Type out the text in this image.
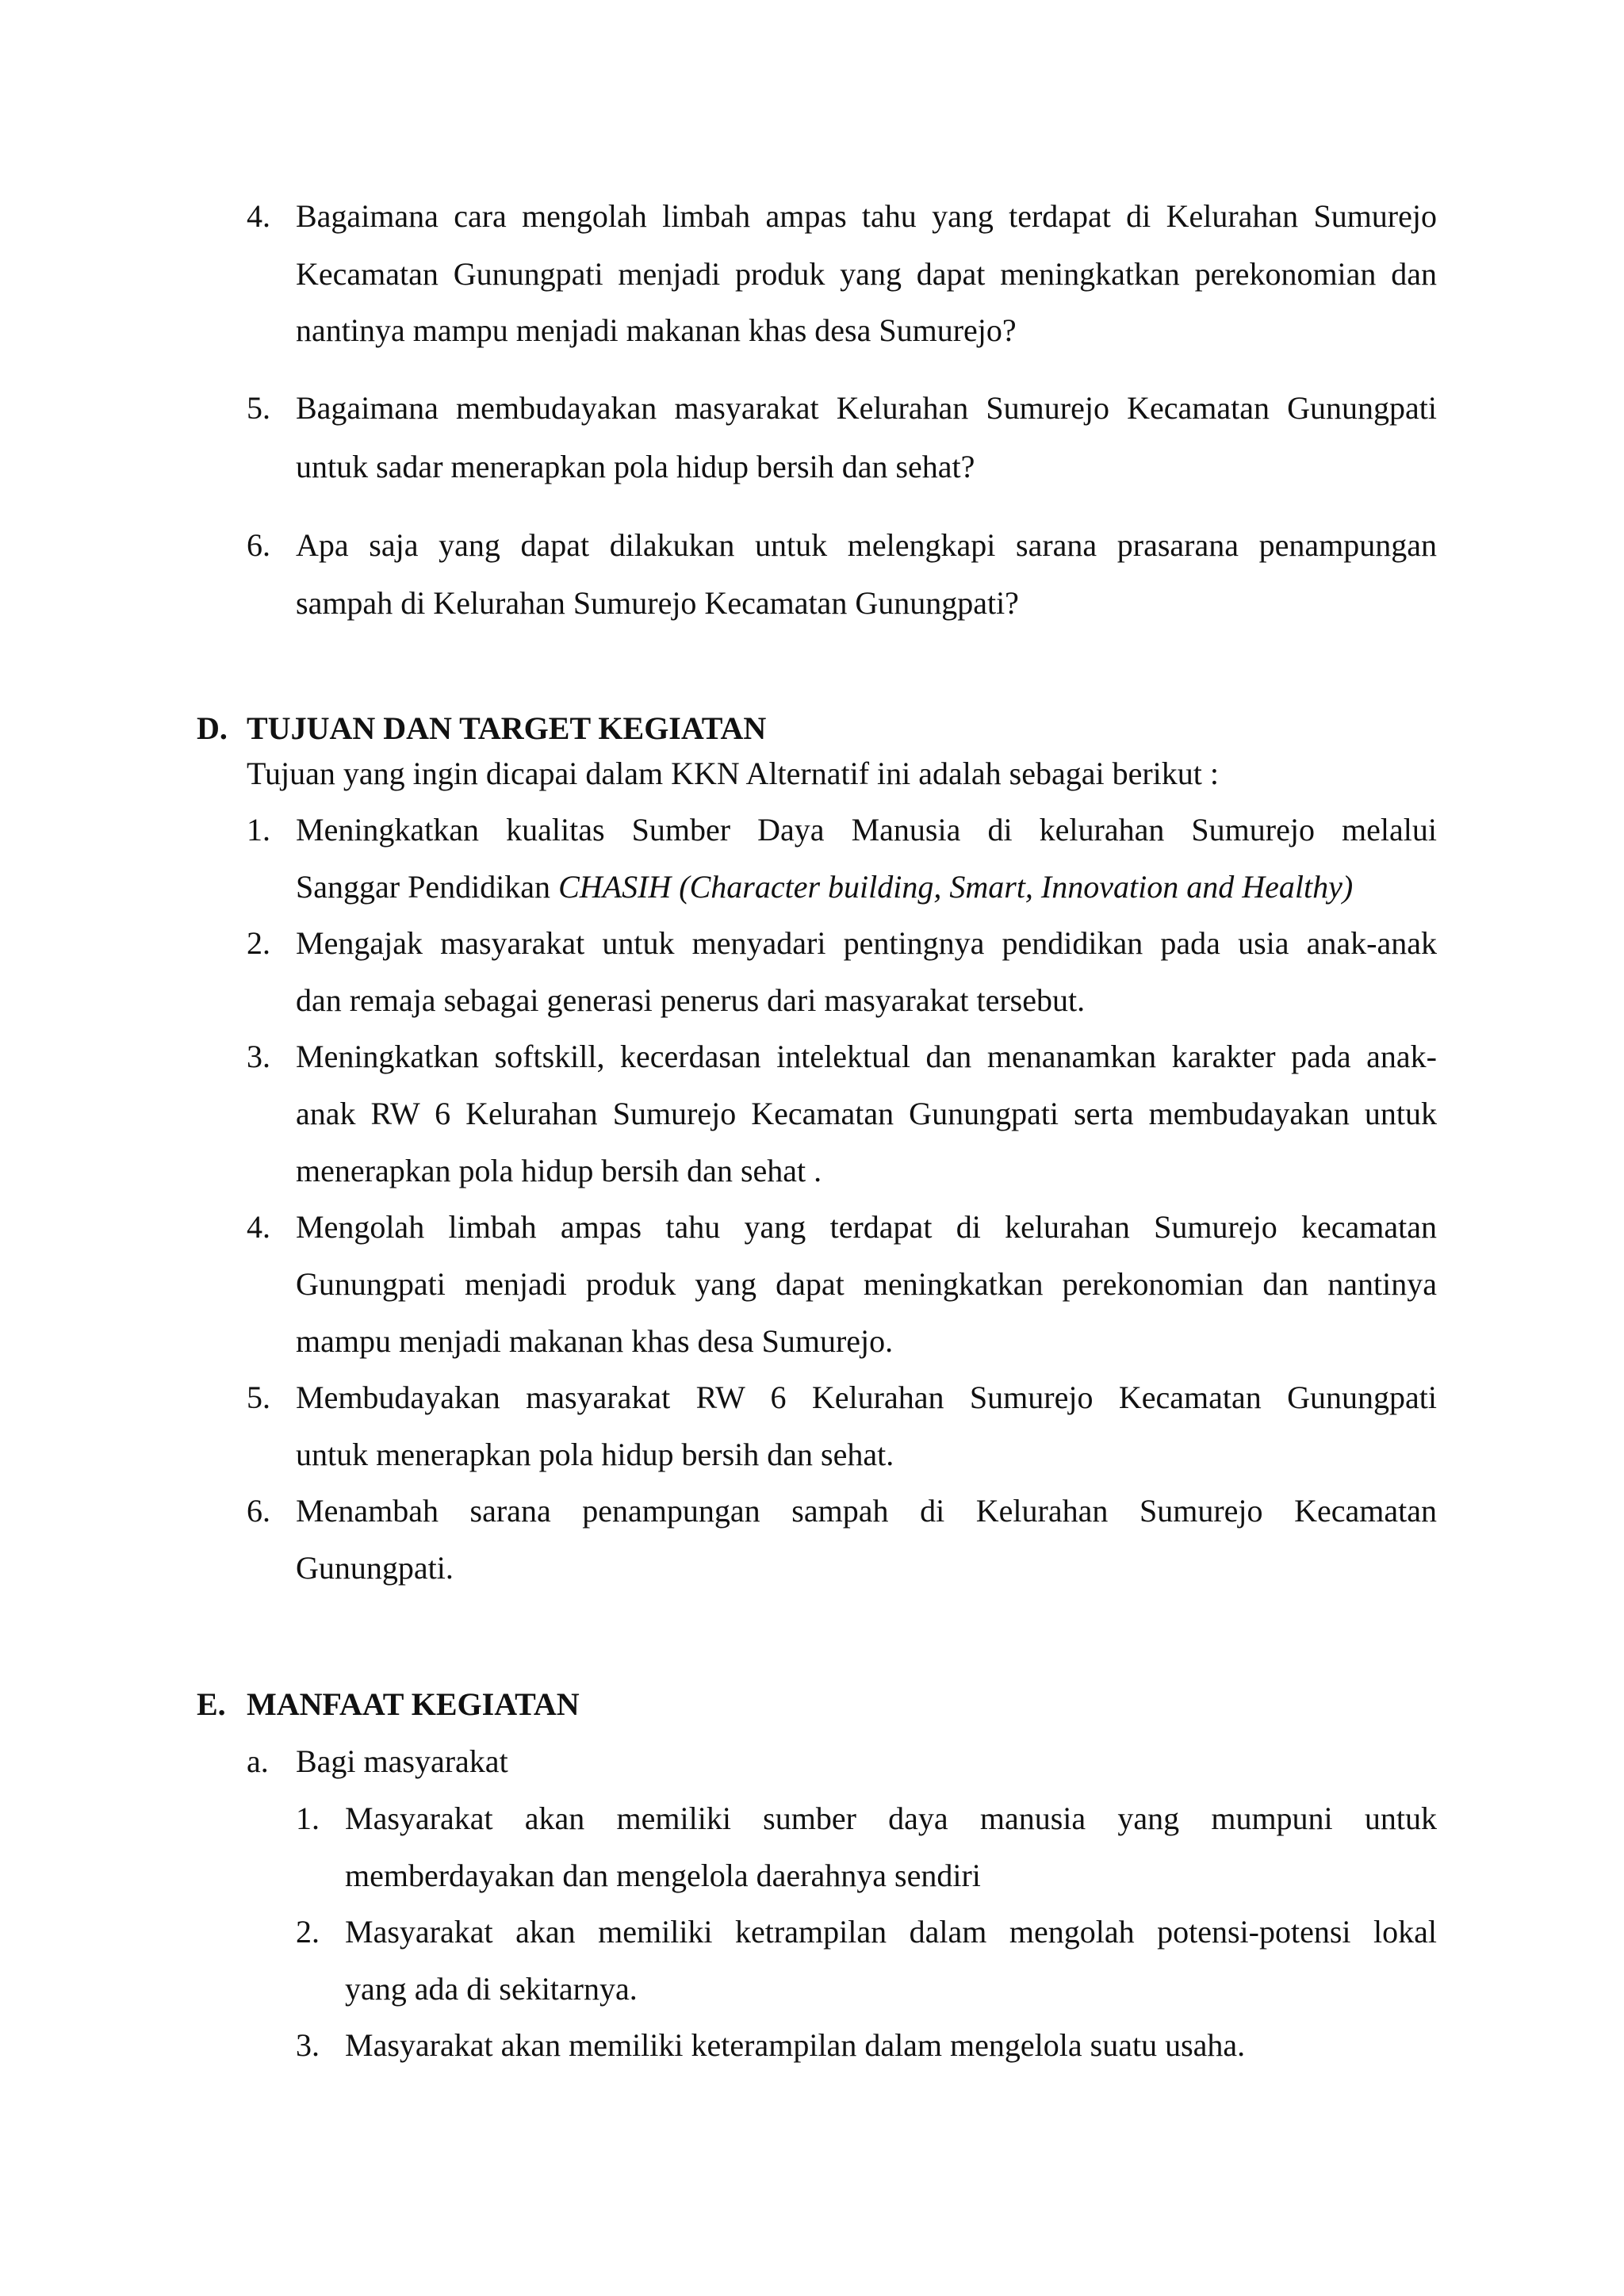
4. Bagaimana cara mengolah limbah ampas tahu yang terdapat di Kelurahan Sumurejo
Kecamatan Gunungpati menjadi produk yang dapat meningkatkan perekonomian dan
nantinya mampu menjadi makanan khas desa Sumurejo?
5. Bagaimana membudayakan masyarakat Kelurahan Sumurejo Kecamatan Gunungpati
untuk sadar menerapkan pola hidup bersih dan sehat?
6. Apa saja yang dapat dilakukan untuk melengkapi sarana prasarana penampungan
sampah di Kelurahan Sumurejo Kecamatan Gunungpati?
D. TUJUAN DAN TARGET KEGIATAN
Tujuan yang ingin dicapai dalam KKN Alternatif ini adalah sebagai berikut :
1. Meningkatkan kualitas Sumber Daya Manusia di kelurahan Sumurejo melalui
Sanggar Pendidikan CHASIH (Character building, Smart, Innovation and Healthy)
2. Mengajak masyarakat untuk menyadari pentingnya pendidikan pada usia anak-anak
dan remaja sebagai generasi penerus dari masyarakat tersebut.
3. Meningkatkan softskill, kecerdasan intelektual dan menanamkan karakter pada anak-
anak RW 6 Kelurahan Sumurejo Kecamatan Gunungpati serta membudayakan untuk
menerapkan pola hidup bersih dan sehat .
4. Mengolah limbah ampas tahu yang terdapat di kelurahan Sumurejo kecamatan
Gunungpati menjadi produk yang dapat meningkatkan perekonomian dan nantinya
mampu menjadi makanan khas desa Sumurejo.
5. Membudayakan masyarakat RW 6 Kelurahan Sumurejo Kecamatan Gunungpati
untuk menerapkan pola hidup bersih dan sehat.
6. Menambah sarana penampungan sampah di Kelurahan Sumurejo Kecamatan
Gunungpati.
E. MANFAAT KEGIATAN
a. Bagi masyarakat
1. Masyarakat akan memiliki sumber daya manusia yang mumpuni untuk
memberdayakan dan mengelola daerahnya sendiri
2. Masyarakat akan memiliki ketrampilan dalam mengolah potensi-potensi lokal
yang ada di sekitarnya.
3. Masyarakat akan memiliki keterampilan dalam mengelola suatu usaha.
